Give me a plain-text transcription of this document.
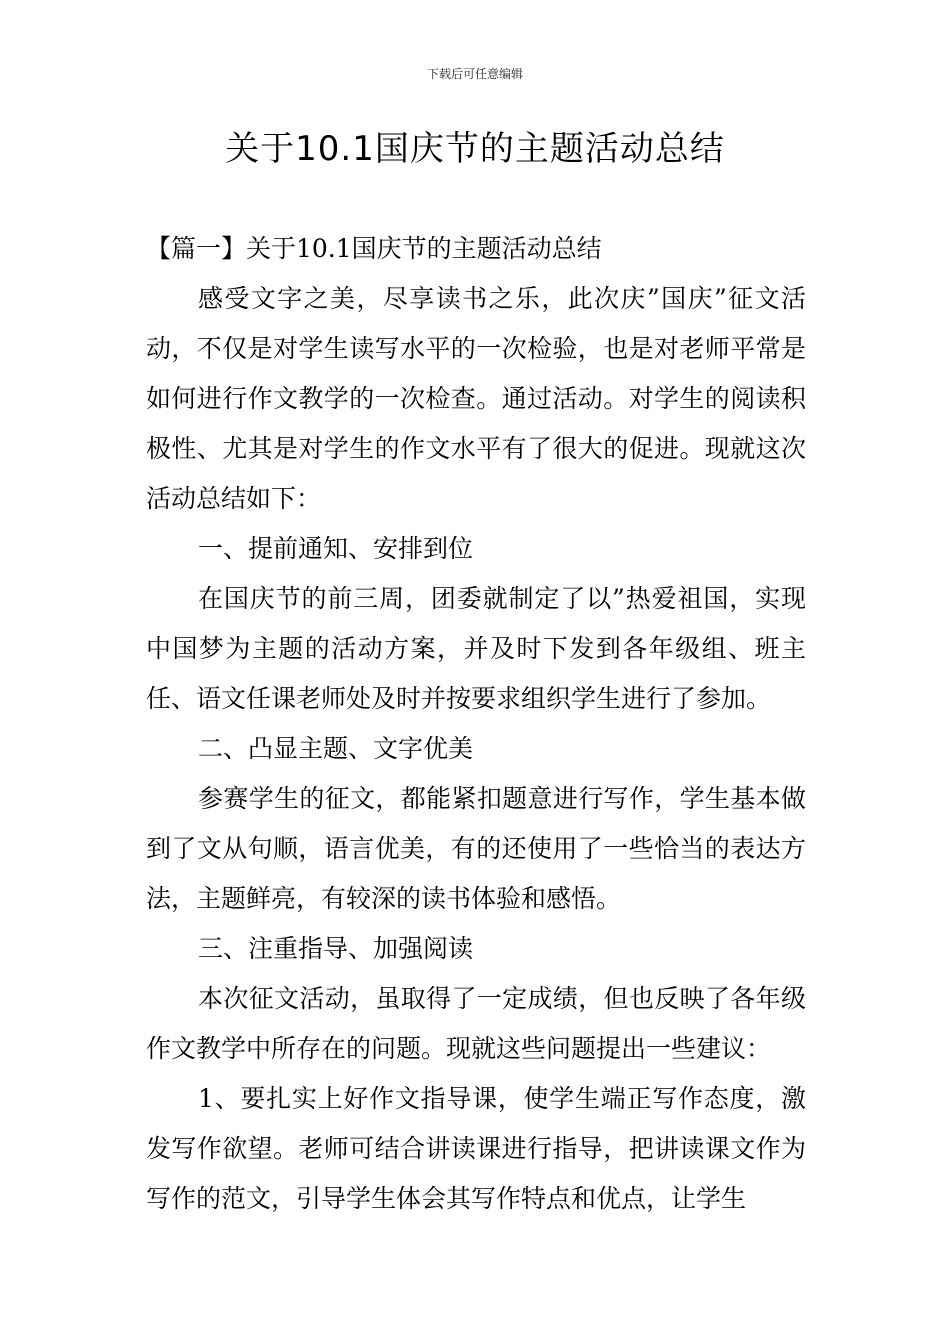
下载后可任意编辑
关于10.1国庆节的主题活动总结

【篇一】关于10.1国庆节的主题活动总结

感受文字之美，尽享读书之乐，此次庆”国庆”征文活动，不仅是对学生读写水平的一次检验，也是对老师平常是如何进行作文教学的一次检查。通过活动。对学生的阅读积极性、尤其是对学生的作文水平有了很大的促进。现就这次活动总结如下：

一、提前通知、安排到位

在国庆节的前三周，团委就制定了以”热爱祖国，实现中国梦为主题的活动方案，并及时下发到各年级组、班主任、语文任课老师处及时并按要求组织学生进行了参加。

二、凸显主题、文字优美

参赛学生的征文，都能紧扣题意进行写作，学生基本做到了文从句顺，语言优美，有的还使用了一些恰当的表达方法，主题鲜亮，有较深的读书体验和感悟。

三、注重指导、加强阅读

本次征文活动，虽取得了一定成绩，但也反映了各年级作文教学中所存在的问题。现就这些问题提出一些建议：

1、要扎实上好作文指导课，使学生端正写作态度，激发写作欲望。老师可结合讲读课进行指导，把讲读课文作为写作的范文，引导学生体会其写作特点和优点，让学生
